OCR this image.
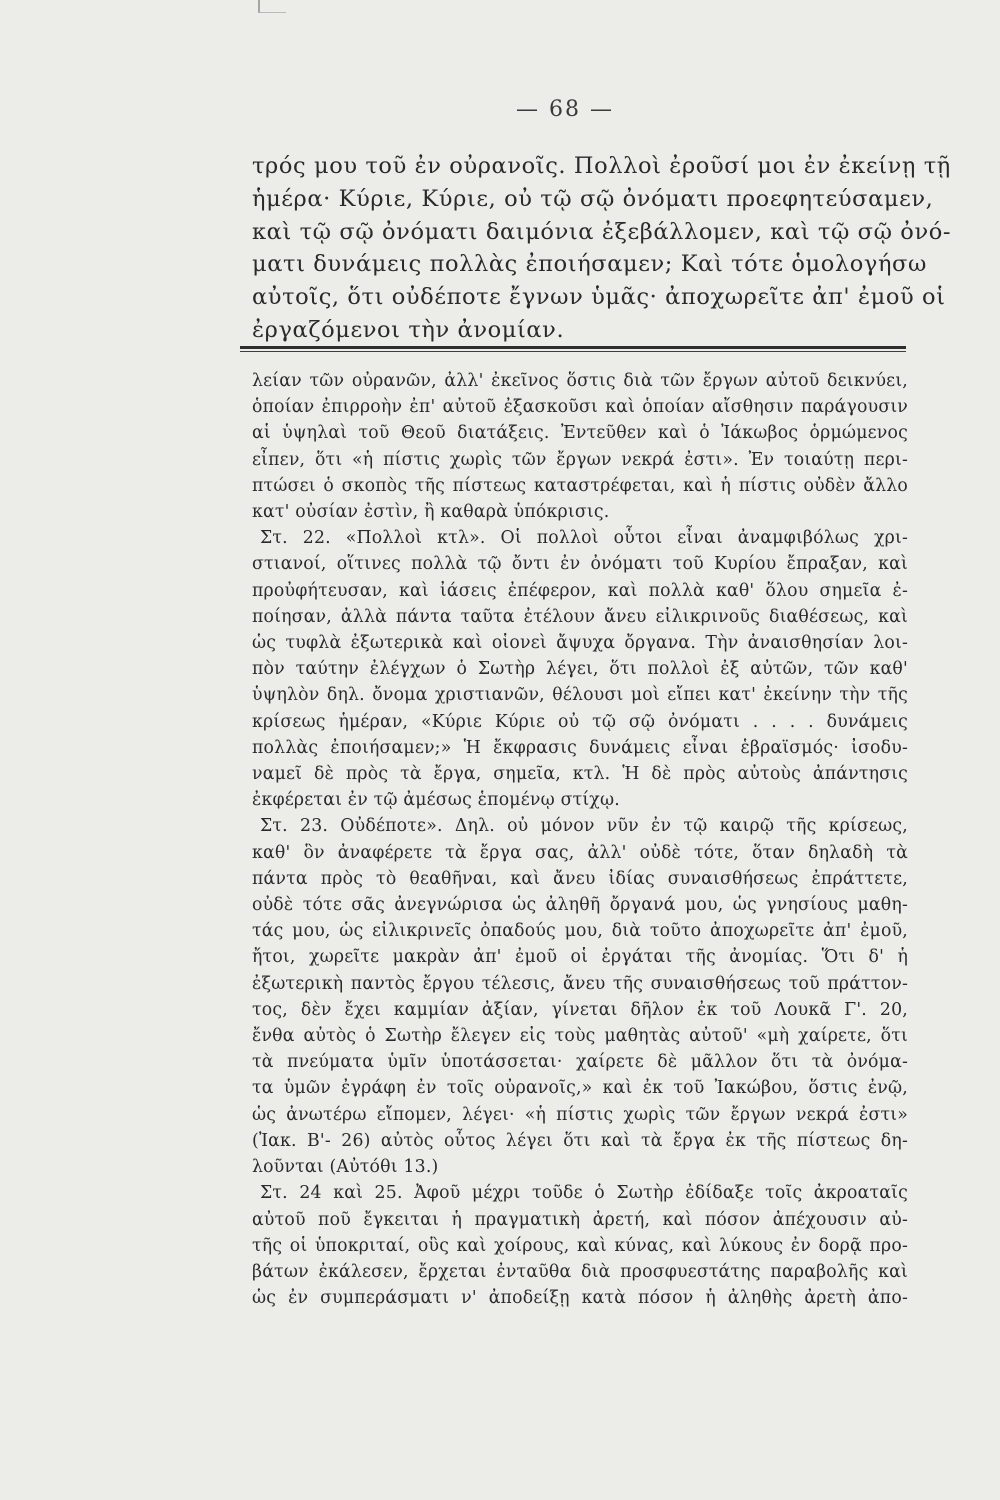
— 68 —
τρός μου τοῦ ἐν οὐρανοῖς. Πολλοὶ ἐροῦσί μοι ἐν ἐκείνῃ τῇ
ἡμέρα· Κύριε, Κύριε, οὐ τῷ σῷ ὀνόματι προεφητεύσαμεν,
καὶ τῷ σῷ ὀνόματι δαιμόνια ἐξεβάλλομεν, καὶ τῷ σῷ ὀνό-
ματι δυνάμεις πολλὰς ἐποιήσαμεν; Καὶ τότε ὁμολογήσω
αὐτοῖς, ὅτι οὐδέποτε ἔγνων ὑμᾶς· ἀποχωρεῖτε ἀπ' ἐμοῦ οἱ
ἐργαζόμενοι τὴν ἀνομίαν.
λείαν τῶν οὐρανῶν, ἀλλ' ἐκεῖνος ὅστις διὰ τῶν ἔργων αὐτοῦ δεικνύει,
ὁποίαν ἐπιρροὴν ἐπ' αὐτοῦ ἐξασκοῦσι καὶ ὁποίαν αἴσθησιν παράγουσιν
αἱ ὑψηλαὶ τοῦ Θεοῦ διατάξεις. Ἐντεῦθεν καὶ ὁ Ἰάκωβος ὁρμώμενος
εἶπεν, ὅτι «ἡ πίστις χωρὶς τῶν ἔργων νεκρά ἐστι». Ἐν τοιαύτῃ περι-
πτώσει ὁ σκοπὸς τῆς πίστεως καταστρέφεται, καὶ ἡ πίστις οὐδὲν ἄλλο
κατ' οὐσίαν ἐστὶν, ἢ καθαρὰ ὑπόκρισις.
Στ. 22. «Πολλοὶ κτλ». Οἱ πολλοὶ οὗτοι εἶναι ἀναμφιβόλως χρι-
στιανοί, οἵτινες πολλὰ τῷ ὄντι ἐν ὀνόματι τοῦ Κυρίου ἔπραξαν, καὶ
προὐφήτευσαν, καὶ ἰάσεις ἐπέφερον, καὶ πολλὰ καθ' ὅλου σημεῖα ἐ-
ποίησαν, ἀλλὰ πάντα ταῦτα ἐτέλουν ἄνευ εἰλικρινοῦς διαθέσεως, καὶ
ὡς τυφλὰ ἐξωτερικὰ καὶ οἱονεὶ ἄψυχα ὄργανα. Τὴν ἀναισθησίαν λοι-
πὸν ταύτην ἐλέγχων ὁ Σωτὴρ λέγει, ὅτι πολλοὶ ἐξ αὐτῶν, τῶν καθ'
ὑψηλὸν δηλ. ὄνομα χριστιανῶν, θέλουσι μοὶ εἴπει κατ' ἐκείνην τὴν τῆς
κρίσεως ἡμέραν, «Κύριε Κύριε οὐ τῷ σῷ ὀνόματι . . . . δυνάμεις
πολλὰς ἐποιήσαμεν;» Ἡ ἔκφρασις δυνάμεις εἶναι ἑβραϊσμός· ἰσοδυ-
ναμεῖ δὲ πρὸς τὰ ἔργα, σημεῖα, κτλ. Ἡ δὲ πρὸς αὐτοὺς ἀπάντησις
ἐκφέρεται ἐν τῷ ἀμέσως ἑπομένῳ στίχῳ.
Στ. 23. Οὐδέποτε». Δηλ. οὐ μόνον νῦν ἐν τῷ καιρῷ τῆς κρίσεως,
καθ' ὃν ἀναφέρετε τὰ ἔργα σας, ἀλλ' οὐδὲ τότε, ὅταν δηλαδὴ τὰ
πάντα πρὸς τὸ θεαθῆναι, καὶ ἄνευ ἰδίας συναισθήσεως ἐπράττετε,
οὐδὲ τότε σᾶς ἀνεγνώρισα ὡς ἀληθῆ ὄργανά μου, ὡς γνησίους μαθη-
τάς μου, ὡς εἰλικρινεῖς ὀπαδούς μου, διὰ τοῦτο ἀποχωρεῖτε ἀπ' ἐμοῦ,
ἤτοι, χωρεῖτε μακρὰν ἀπ' ἐμοῦ οἱ ἐργάται τῆς ἀνομίας. Ὅτι δ' ἡ
ἐξωτερικὴ παντὸς ἔργου τέλεσις, ἄνευ τῆς συναισθήσεως τοῦ πράττον-
τος, δὲν ἔχει καμμίαν ἀξίαν, γίνεται δῆλον ἐκ τοῦ Λουκᾶ Γ'. 20,
ἔνθα αὐτὸς ὁ Σωτὴρ ἔλεγεν εἰς τοὺς μαθητὰς αὐτοῦ' «μὴ χαίρετε, ὅτι
τὰ πνεύματα ὑμῖν ὑποτάσσεται· χαίρετε δὲ μᾶλλον ὅτι τὰ ὀνόμα-
τα ὑμῶν ἐγράφη ἐν τοῖς οὐρανοῖς,» καὶ ἐκ τοῦ Ἰακώβου, ὅστις ἐνῷ,
ὡς ἀνωτέρω εἴπομεν, λέγει· «ἡ πίστις χωρὶς τῶν ἔργων νεκρά ἐστι»
(Ἰακ. Β'- 26) αὐτὸς οὗτος λέγει ὅτι καὶ τὰ ἔργα ἐκ τῆς πίστεως δη-
λοῦνται (Αὐτόθι 13.)
Στ. 24 καὶ 25. Ἀφοῦ μέχρι τοῦδε ὁ Σωτὴρ ἐδίδαξε τοῖς ἀκροαταῖς
αὐτοῦ ποῦ ἔγκειται ἡ πραγματικὴ ἀρετή, καὶ πόσον ἀπέχουσιν αὐ-
τῆς οἱ ὑποκριταί, οὓς καὶ χοίρους, καὶ κύνας, καὶ λύκους ἐν δορᾷ προ-
βάτων ἐκάλεσεν, ἔρχεται ἐνταῦθα διὰ προσφυεστάτης παραβολῆς καὶ
ὡς ἐν συμπεράσματι ν' ἀποδείξῃ κατὰ πόσον ἡ ἀληθὴς ἀρετὴ ἀπο-
